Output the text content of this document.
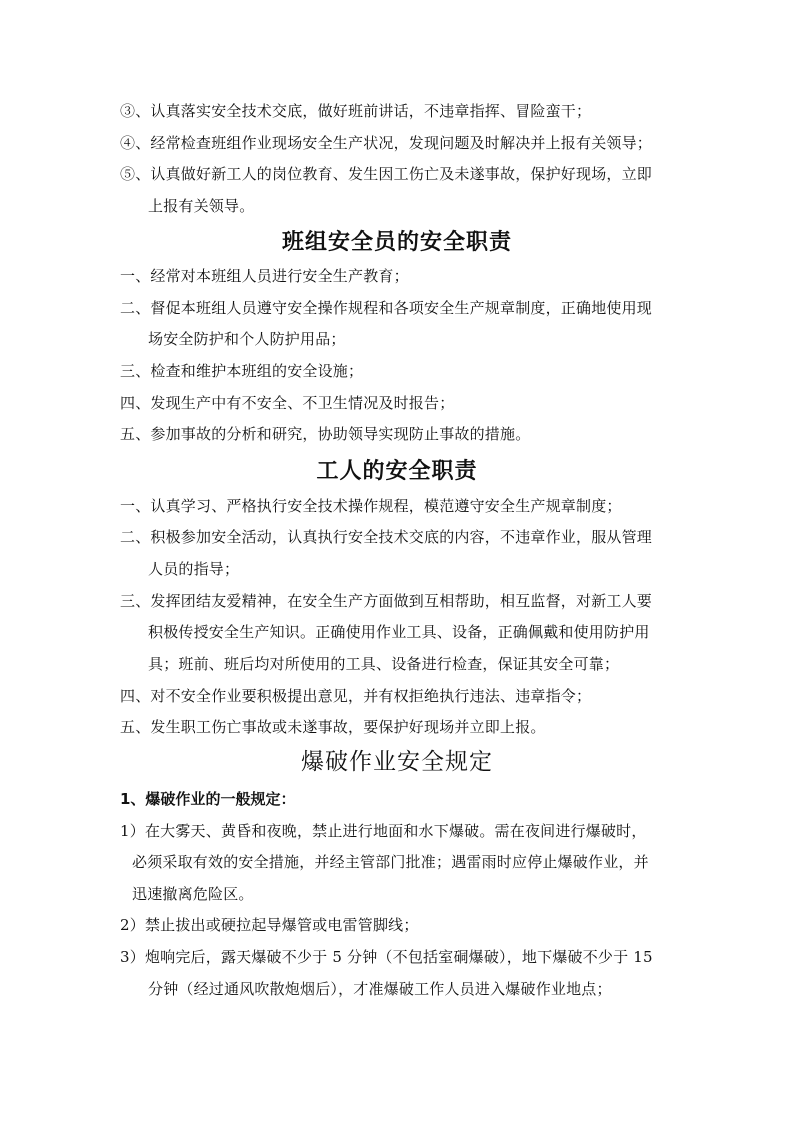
③、认真落实安全技术交底，做好班前讲话，不违章指挥、冒险蛮干；
④、经常检查班组作业现场安全生产状况，发现问题及时解决并上报有关领导；
⑤、认真做好新工人的岗位教育、发生因工伤亡及未遂事故，保护好现场，立即
上报有关领导。
班组安全员的安全职责
一、经常对本班组人员进行安全生产教育；
二、督促本班组人员遵守安全操作规程和各项安全生产规章制度，正确地使用现
场安全防护和个人防护用品；
三、检查和维护本班组的安全设施；
四、发现生产中有不安全、不卫生情况及时报告；
五、参加事故的分析和研究，协助领导实现防止事故的措施。
工人的安全职责
一、认真学习、严格执行安全技术操作规程，模范遵守安全生产规章制度；
二、积极参加安全活动，认真执行安全技术交底的内容，不违章作业，服从管理
人员的指导；
三、发挥团结友爱精神，在安全生产方面做到互相帮助，相互监督，对新工人要
积极传授安全生产知识。正确使用作业工具、设备，正确佩戴和使用防护用
具；班前、班后均对所使用的工具、设备进行检查，保证其安全可靠；
四、对不安全作业要积极提出意见，并有权拒绝执行违法、违章指令；
五、发生职工伤亡事故或未遂事故，要保护好现场并立即上报。
爆破作业安全规定
1、爆破作业的一般规定：
1）在大雾天、黄昏和夜晚，禁止进行地面和水下爆破。需在夜间进行爆破时，
必须采取有效的安全措施，并经主管部门批准；遇雷雨时应停止爆破作业，并
迅速撤离危险区。
2）禁止拔出或硬拉起导爆管或电雷管脚线；
3）炮响完后，露天爆破不少于 5 分钟（不包括室硐爆破），地下爆破不少于 15
分钟（经过通风吹散炮烟后），才准爆破工作人员进入爆破作业地点；
